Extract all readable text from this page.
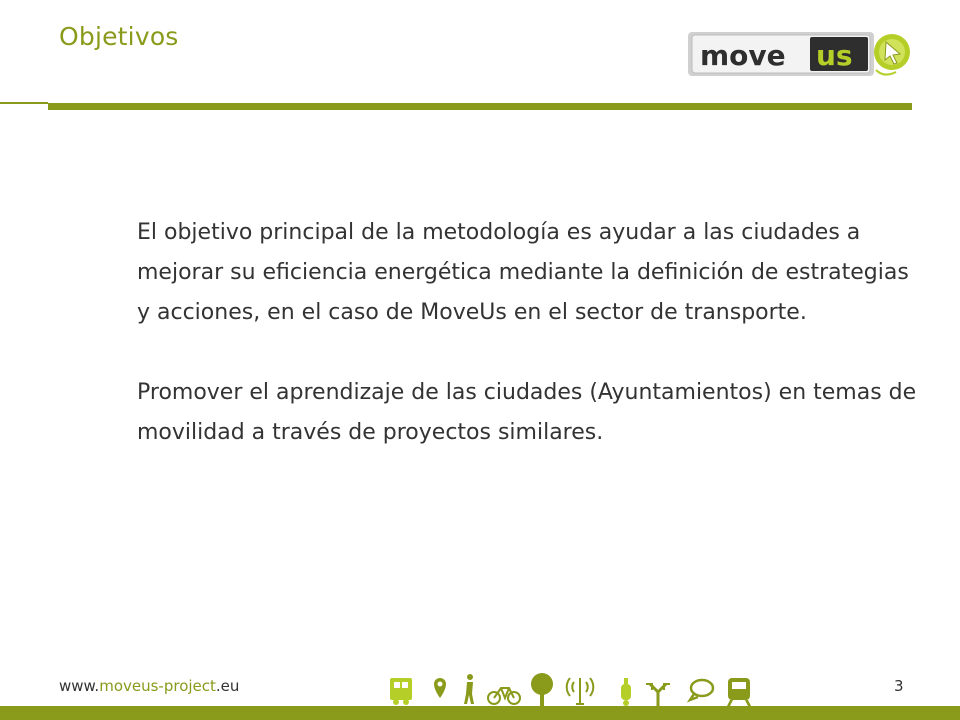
Objetivos
move us

El objetivo principal de la metodología es ayudar a las ciudades a mejorar su eficiencia energética mediante la definición de estrategias y acciones, en el caso de MoveUs en el sector de transporte.

Promover el aprendizaje de las ciudades (Ayuntamientos) en temas de movilidad a través de proyectos similares.

www.moveus-project.eu	3
